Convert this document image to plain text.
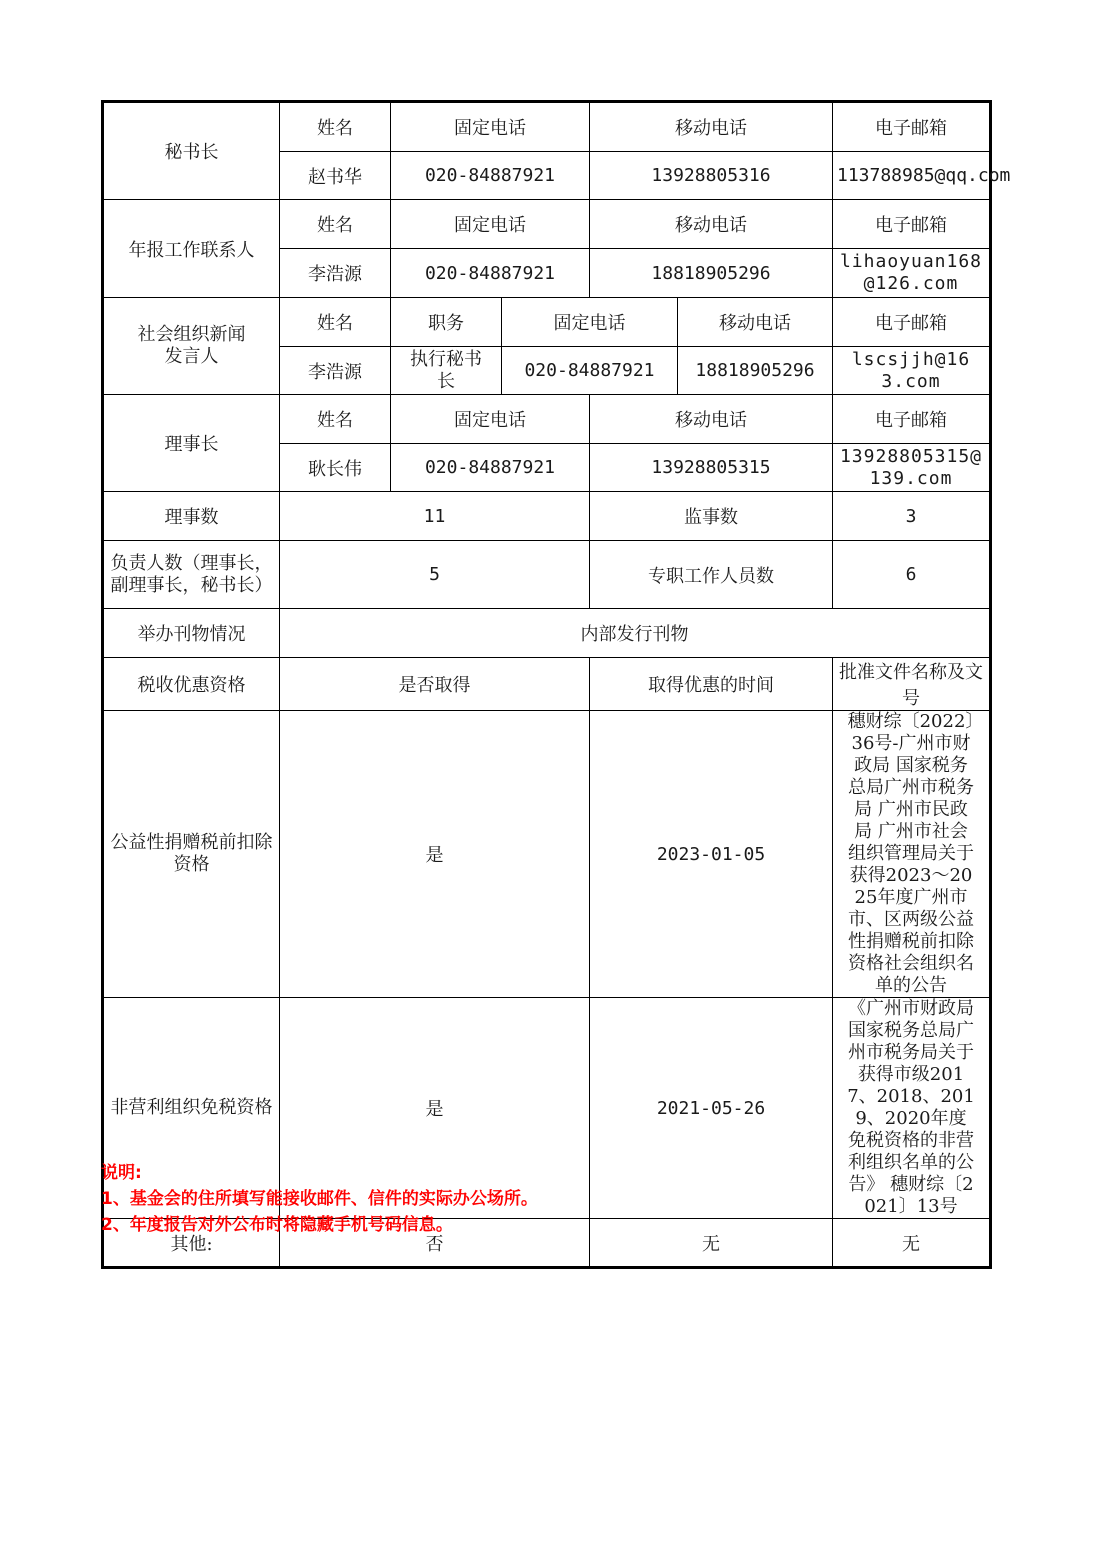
秘书长	姓名	固定电话		移动电话		电子邮箱
	赵书华	020-84887921		13928805316		113788985@qq.com
年报工作联系人	姓名	固定电话		移动电话		电子邮箱
	李浩源	020-84887921		18818905296		lihaoyuan168@126.com
社会组织新闻发言人	姓名	职务	固定电话		移动电话	电子邮箱
	李浩源	执行秘书长	020-84887921		18818905296	lscsjjh@163.com
理事长	姓名	固定电话		移动电话		电子邮箱
	耿长伟	020-84887921		13928805315		13928805315@139.com
理事数	11			监事数		3
负责人数（理事长，副理事长，秘书长）	5			专职工作人员数		6
举办刊物情况	内部发行刊物					
税收优惠资格	是否取得			取得优惠的时间		批准文件名称及文号
公益性捐赠税前扣除资格	是			2023-01-05		穗财综〔2022〕36号-广州市财政局 国家税务总局广州市税务局 广州市民政局 广州市社会组织管理局关于获得2023～2025年度广州市市、区两级公益性捐赠税前扣除资格社会组织名单的公告
非营利组织免税资格	是			2021-05-26		《广州市财政局国家税务总局广州市税务局关于获得市级2017、2018、2019、2020年度免税资格的非营利组织名单的公告》 穗财综〔2021〕13号
其他:	否			无		无
说明:
1、基金会的住所填写能接收邮件、信件的实际办公场所。
2、年度报告对外公布时将隐藏手机号码信息。
